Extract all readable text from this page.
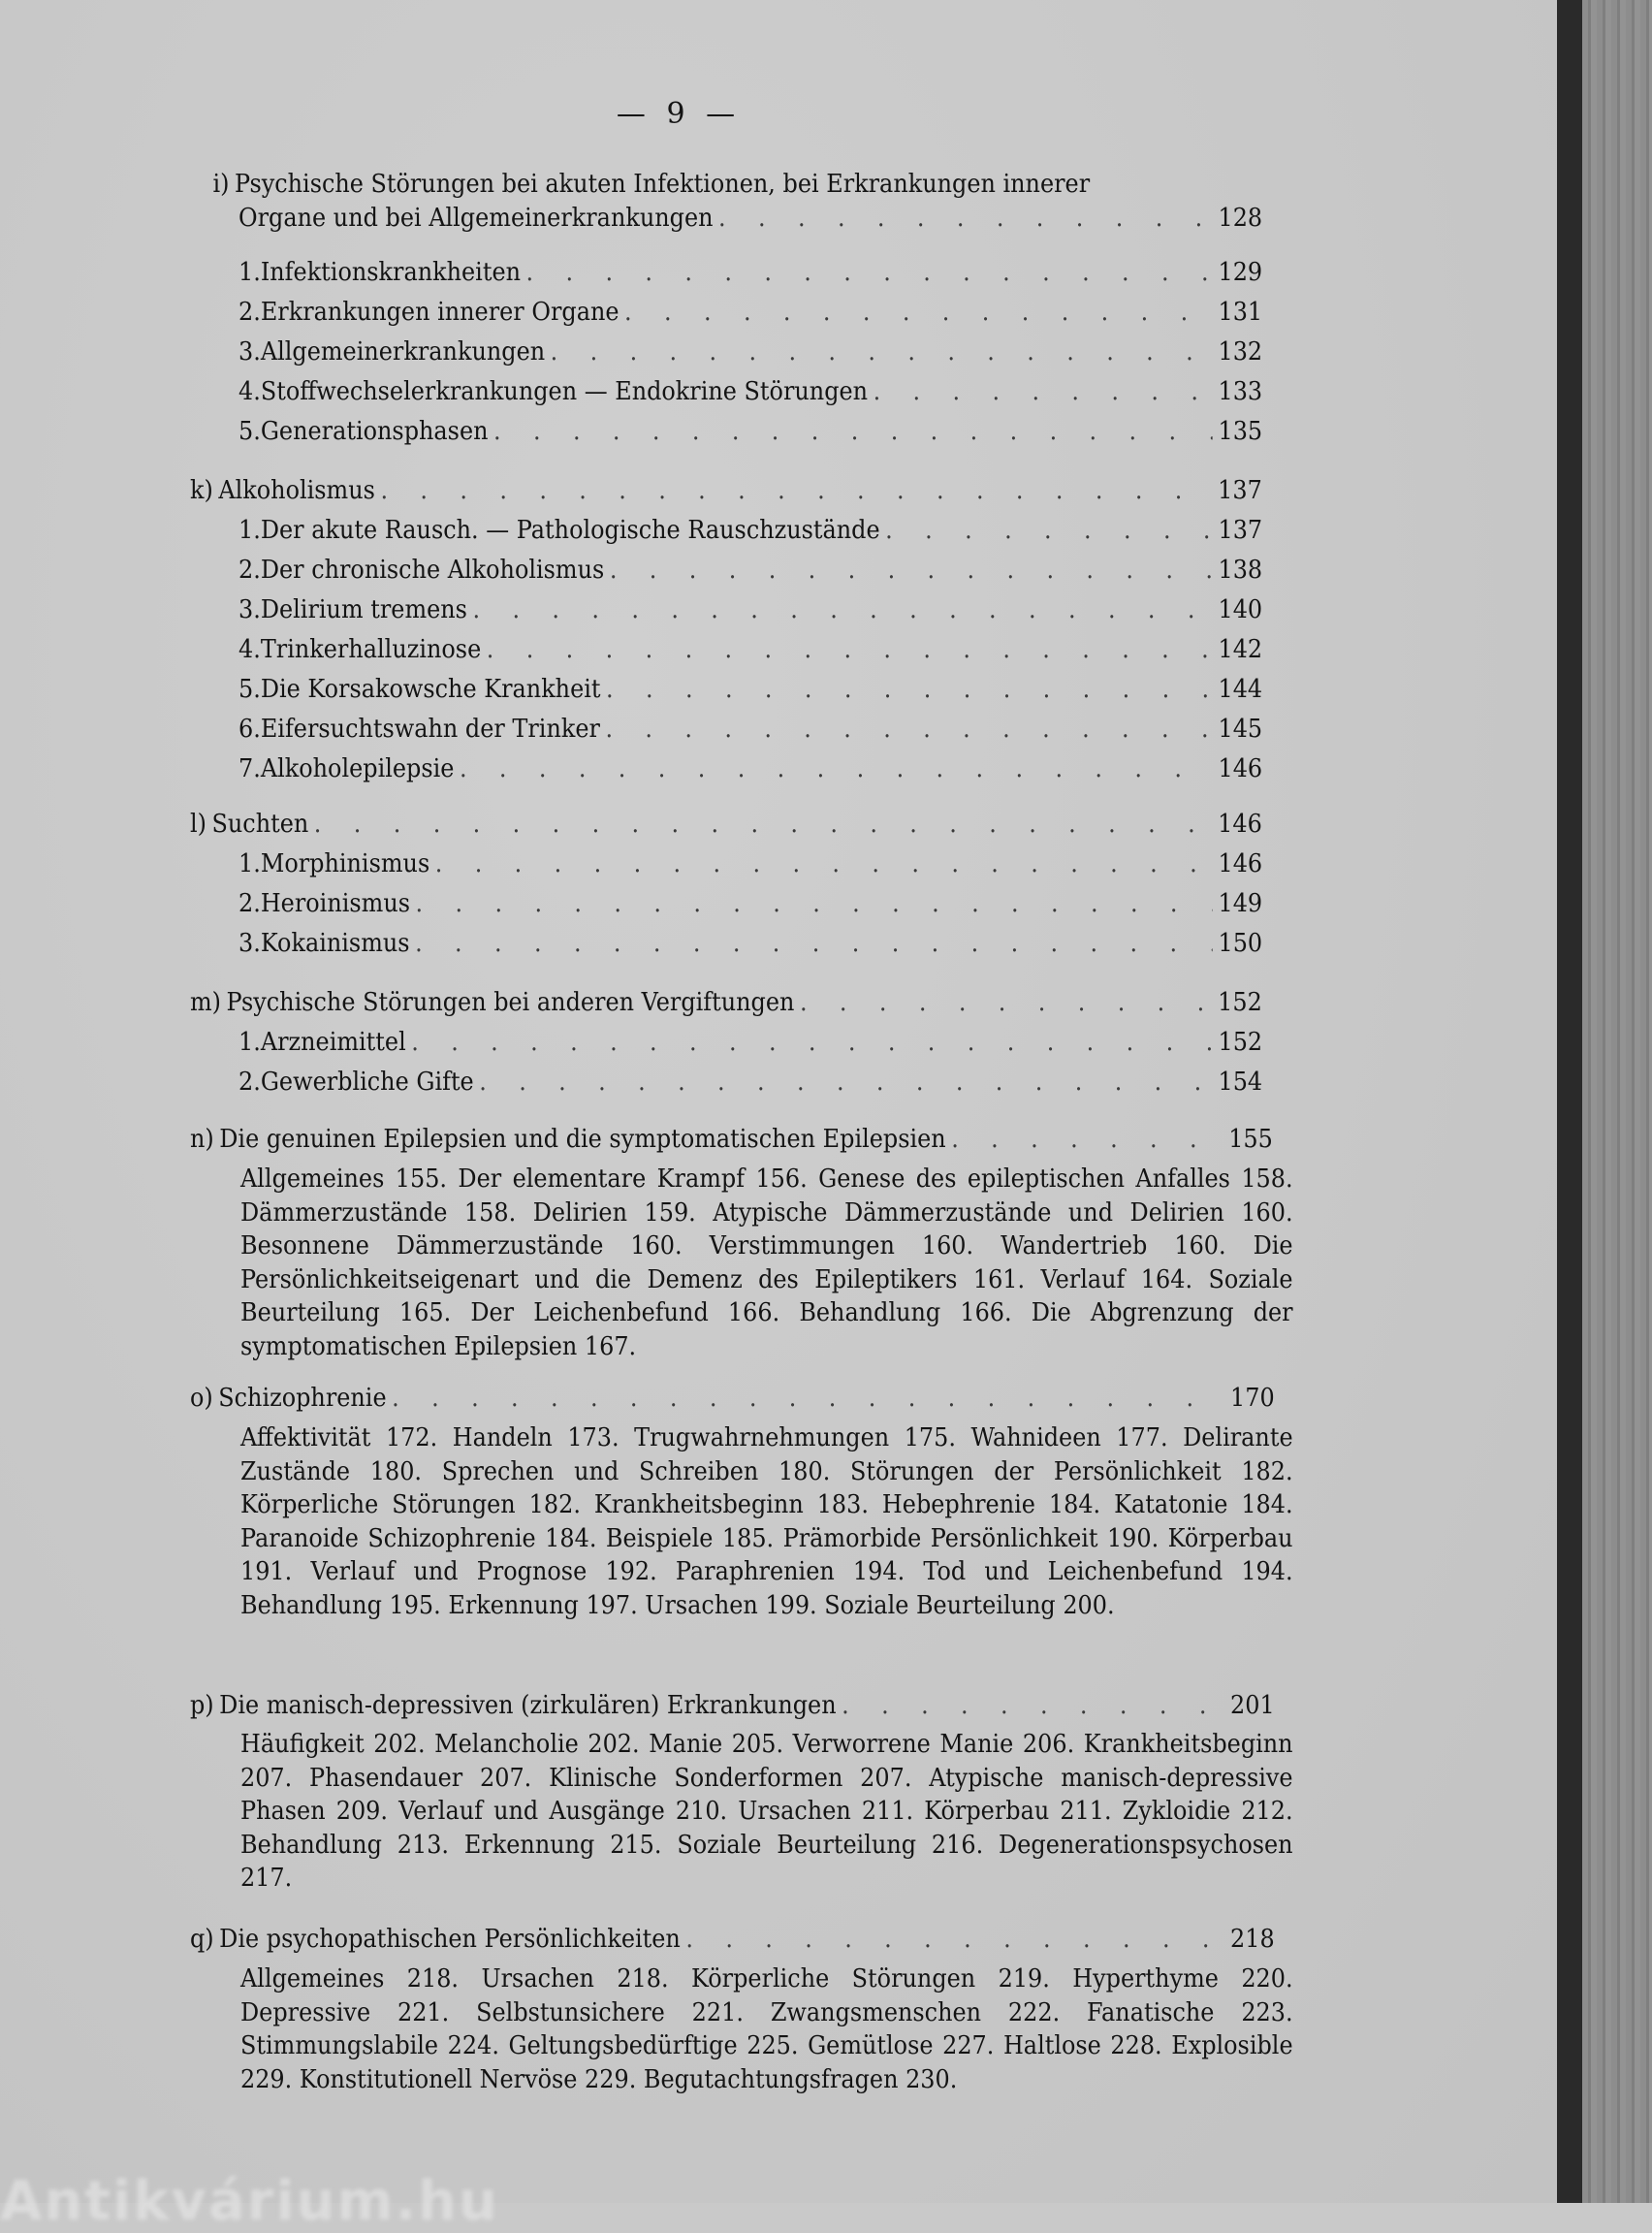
— 9 —
i) Psychische Störungen bei akuten Infektionen, bei Erkrankungen innerer
Organe und bei Allgemeinerkrankungen . . .	128
1. Infektionskrankheiten . . .	129
2. Erkrankungen innerer Organe . . .	131
3. Allgemeinerkrankungen . . .	132
4. Stoffwechselerkrankungen — Endokrine Störungen . . .	133
5. Generationsphasen . . .	135
k) Alkoholismus . . .	137
1. Der akute Rausch. — Pathologische Rauschzustände . . .	137
2. Der chronische Alkoholismus . . .	138
3. Delirium tremens . . .	140
4. Trinkerhalluzinose . . .	142
5. Die Korsakowsche Krankheit . . .	144
6. Eifersuchtswahn der Trinker . . .	145
7. Alkoholepilepsie . . .	146
l) Suchten . . .	146
1. Morphinismus . . .	146
2. Heroinismus . . .	149
3. Kokainismus . . .	150
m) Psychische Störungen bei anderen Vergiftungen . . .	152
1. Arzneimittel . . .	152
2. Gewerbliche Gifte . . .	154
n) Die genuinen Epilepsien und die symptomatischen Epilepsien . . .	155
Allgemeines 155. Der elementare Krampf 156. Genese des epileptischen Anfalles 158. Dämmerzustände 158. Delirien 159. Atypische Dämmerzustände und Delirien 160. Besonnene Dämmerzustände 160. Verstimmungen 160. Wandertrieb 160. Die Persönlichkeitseigenart und die Demenz des Epileptikers 161. Verlauf 164. Soziale Beurteilung 165. Der Leichenbefund 166. Behandlung 166. Die Abgrenzung der symptomatischen Epilepsien 167.
o) Schizophrenie . . .	170
Affektivität 172. Handeln 173. Trugwahrnehmungen 175. Wahnideen 177. Delirante Zustände 180. Sprechen und Schreiben 180. Störungen der Persönlichkeit 182. Körperliche Störungen 182. Krankheitsbeginn 183. Hebephrenie 184. Katatonie 184. Paranoide Schizophrenie 184. Beispiele 185. Prämorbide Persönlichkeit 190. Körperbau 191. Verlauf und Prognose 192. Paraphrenien 194. Tod und Leichenbefund 194. Behandlung 195. Erkennung 197. Ursachen 199. Soziale Beurteilung 200.
p) Die manisch-depressiven (zirkulären) Erkrankungen . . .	201
Häufigkeit 202. Melancholie 202. Manie 205. Verworrene Manie 206. Krankheitsbeginn 207. Phasendauer 207. Klinische Sonderformen 207. Atypische manisch-depressive Phasen 209. Verlauf und Ausgänge 210. Ursachen 211. Körperbau 211. Zykloidie 212. Behandlung 213. Erkennung 215. Soziale Beurteilung 216. Degenerationspsychosen 217.
q) Die psychopathischen Persönlichkeiten . . .	218
Allgemeines 218. Ursachen 218. Körperliche Störungen 219. Hyperthyme 220. Depressive 221. Selbstunsichere 221. Zwangsmenschen 222. Fanatische 223. Stimmungslabile 224. Geltungsbedürftige 225. Gemütlose 227. Haltlose 228. Explosible 229. Konstitutionell Nervöse 229. Begutachtungsfragen 230.
Antikvárium.hu
